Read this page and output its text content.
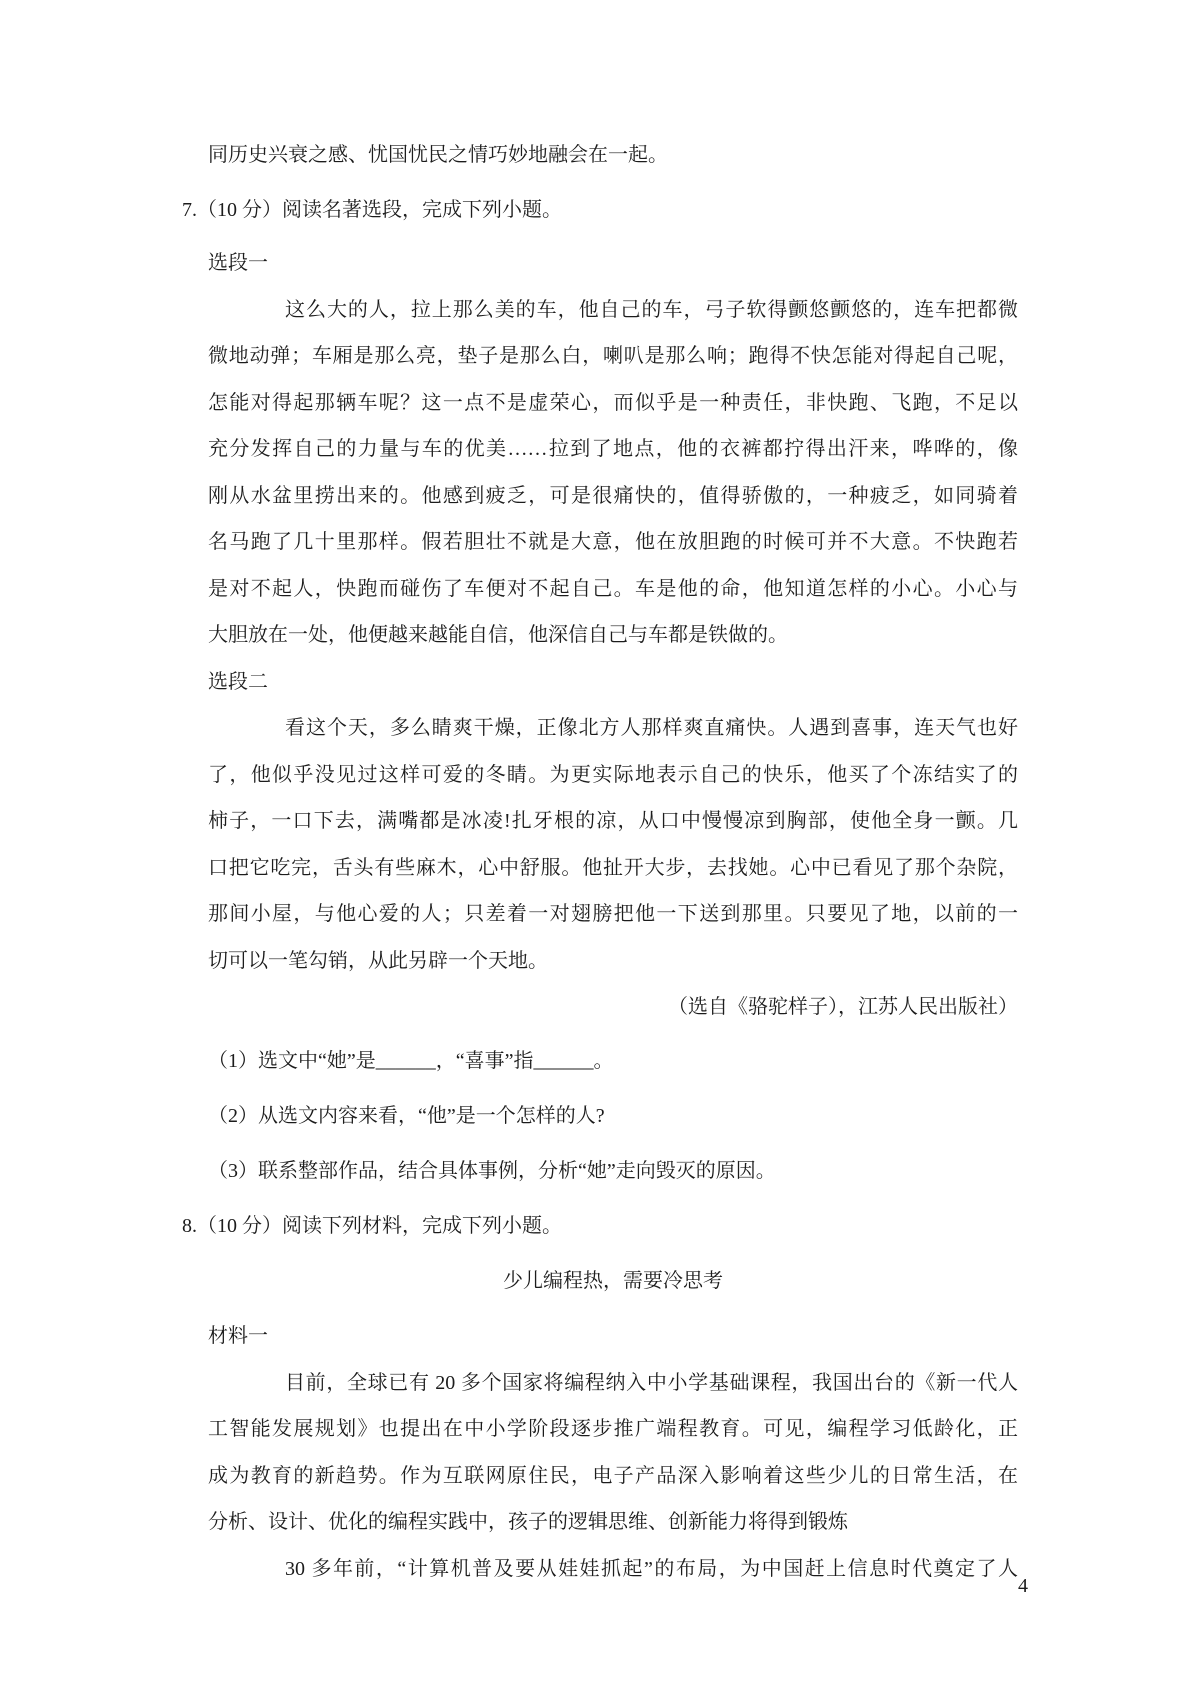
同历史兴衰之感、忧国忧民之情巧妙地融会在一起。
7.（10 分）阅读名著选段，完成下列小题。
选段一
这么大的人，拉上那么美的车，他自己的车，弓子软得颤悠颤悠的，连车把都微
微地动弹；车厢是那么亮，垫子是那么白，喇叭是那么响；跑得不快怎能对得起自己呢，
怎能对得起那辆车呢？这一点不是虚荣心，而似乎是一种责任，非快跑、飞跑，不足以
充分发挥自己的力量与车的优美……拉到了地点，他的衣裤都拧得出汗来，哗哗的，像
刚从水盆里捞出来的。他感到疲乏，可是很痛快的，值得骄傲的，一种疲乏，如同骑着
名马跑了几十里那样。假若胆壮不就是大意，他在放胆跑的时候可并不大意。不快跑若
是对不起人，快跑而碰伤了车便对不起自己。车是他的命，他知道怎样的小心。小心与
大胆放在一处，他便越来越能自信，他深信自己与车都是铁做的。
选段二
看这个天，多么睛爽干燥，正像北方人那样爽直痛快。人遇到喜事，连天气也好
了，他似乎没见过这样可爱的冬睛。为更实际地表示自己的快乐，他买了个冻结实了的
柿子，一口下去，满嘴都是冰凌!扎牙根的凉，从口中慢慢凉到胸部，使他全身一颤。几
口把它吃完，舌头有些麻木，心中舒服。他扯开大步，去找她。心中已看见了那个杂院，
那间小屋，与他心爱的人；只差着一对翅膀把他一下送到那里。只要见了地，以前的一
切可以一笔勾销，从此另辟一个天地。
（选自《骆驼样子），江苏人民出版社）
（1）选文中“她”是______，“喜事”指______。
（2）从选文内容来看，“他”是一个怎样的人?
（3）联系整部作品，结合具体事例，分析“她”走向毁灭的原因。
8.（10 分）阅读下列材料，完成下列小题。
少儿编程热，需要冷思考
材料一
目前，全球已有 20 多个国家将编程纳入中小学基础课程，我国出台的《新一代人
工智能发展规划》也提出在中小学阶段逐步推广端程教育。可见，编程学习低龄化，正
成为教育的新趋势。作为互联网原住民，电子产品深入影响着这些少儿的日常生活，在
分析、设计、优化的编程实践中，孩子的逻辑思维、创新能力将得到锻炼
30 多年前，“计算机普及要从娃娃抓起”的布局，为中国赶上信息时代奠定了人
4
